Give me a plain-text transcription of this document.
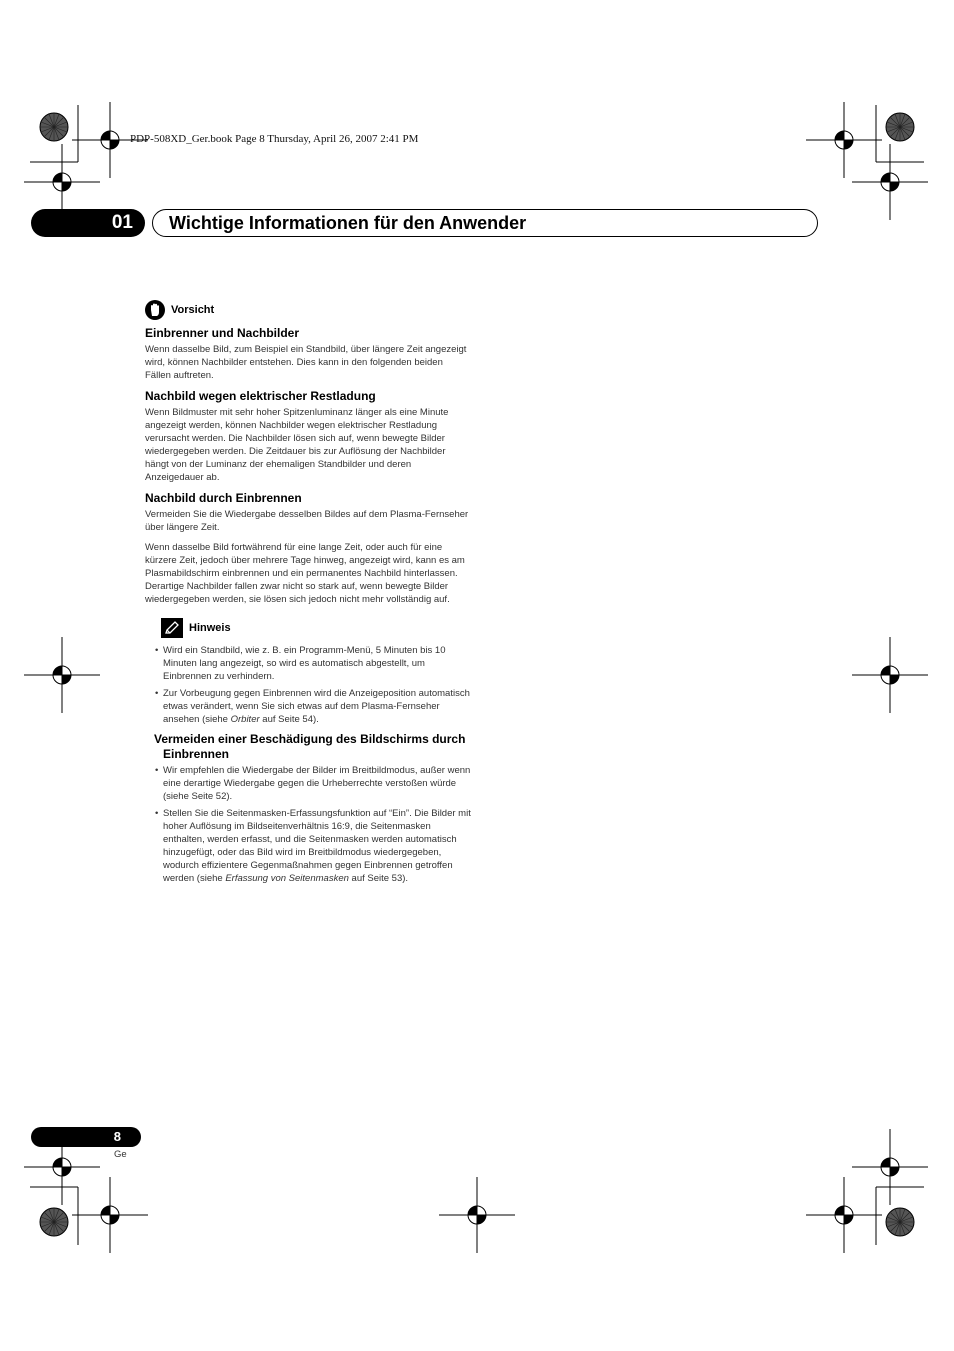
PDP-508XD_Ger.book Page 8 Thursday, April 26, 2007 2:41 PM
01	Wichtige Informationen für den Anwender
Vorsicht
Einbrenner und Nachbilder

Wenn dasselbe Bild, zum Beispiel ein Standbild, über längere Zeit angezeigt wird, können Nachbilder entstehen. Dies kann in den folgenden beiden Fällen auftreten.

Nachbild wegen elektrischer Restladung

Wenn Bildmuster mit sehr hoher Spitzenluminanz länger als eine Minute angezeigt werden, können Nachbilder wegen elektrischer Restladung verursacht werden. Die Nachbilder lösen sich auf, wenn bewegte Bilder wiedergegeben werden. Die Zeitdauer bis zur Auflösung der Nachbilder hängt von der Luminanz der ehemaligen Standbilder und deren Anzeigedauer ab.

Nachbild durch Einbrennen

Vermeiden Sie die Wiedergabe desselben Bildes auf dem Plasma-Fernseher über längere Zeit.

Wenn dasselbe Bild fortwährend für eine lange Zeit, oder auch für eine kürzere Zeit, jedoch über mehrere Tage hinweg, angezeigt wird, kann es am Plasmabildschirm einbrennen und ein permanentes Nachbild hinterlassen. Derartige Nachbilder fallen zwar nicht so stark auf, wenn bewegte Bilder wiedergegeben werden, sie lösen sich jedoch nicht mehr vollständig auf.

Hinweis
• Wird ein Standbild, wie z. B. ein Programm-Menü, 5 Minuten bis 10 Minuten lang angezeigt, so wird es automatisch abgestellt, um Einbrennen zu verhindern.
• Zur Vorbeugung gegen Einbrennen wird die Anzeigeposition automatisch etwas verändert, wenn Sie sich etwas auf dem Plasma-Fernseher ansehen (siehe Orbiter auf Seite 54).
Vermeiden einer Beschädigung des Bildschirms durch Einbrennen
• Wir empfehlen die Wiedergabe der Bilder im Breitbildmodus, außer wenn eine derartige Wiedergabe gegen die Urheberrechte verstoßen würde (siehe Seite 52).
• Stellen Sie die Seitenmasken-Erfassungsfunktion auf “Ein”. Die Bilder mit hoher Auflösung im Bildseitenverhältnis 16:9, die Seitenmasken enthalten, werden erfasst, und die Seitenmasken werden automatisch hinzugefügt, oder das Bild wird im Breitbildmodus wiedergegeben, wodurch effizientere Gegenmaßnahmen gegen Einbrennen getroffen werden (siehe Erfassung von Seitenmasken auf Seite 53).
8
Ge
